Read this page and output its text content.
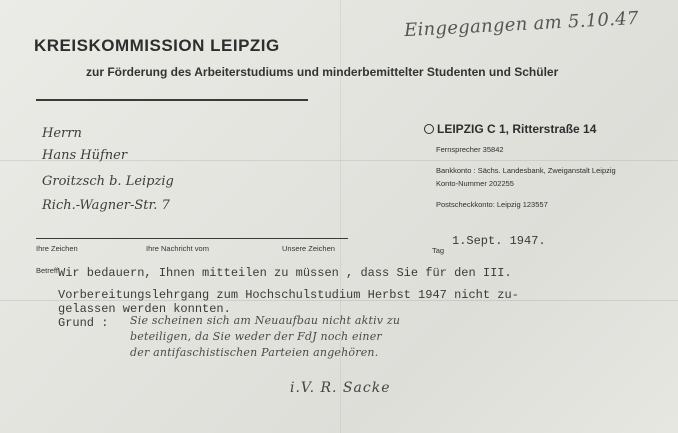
KREISKOMMISSION LEIPZIG
zur Förderung des Arbeiterstudiums und minderbemittelter Studenten und Schüler
Eingegangen am 5.10.47
Herrn
Hans Hüfner
Groitzsch b. Leipzig
Rich.-Wagner-Str. 7
LEIPZIG C 1, Ritterstraße 14
Fernsprecher 35842
Bankkonto : Sächs. Landesbank, Zweiganstalt Leipzig
Konto-Nummer 202255
Postscheckkonto: Leipzig 123557
Ihre Zeichen	Ihre Nachricht vom	Unsere Zeichen	Tag
1.Sept. 1947.
Betreff Wir bedauern, Ihnen mitteilen zu müssen , dass Sie für den III.
Vorbereitungslehrgang zum Hochschulstudium Herbst 1947 nicht zu-
gelassen werden konnten.
Grund : Sie scheinen sich am Neuaufbau nicht aktiv zu
beteiligen, da Sie weder der FdJ noch einer
der antifaschistischen Parteien angehören.
i.V. R. Sacke
